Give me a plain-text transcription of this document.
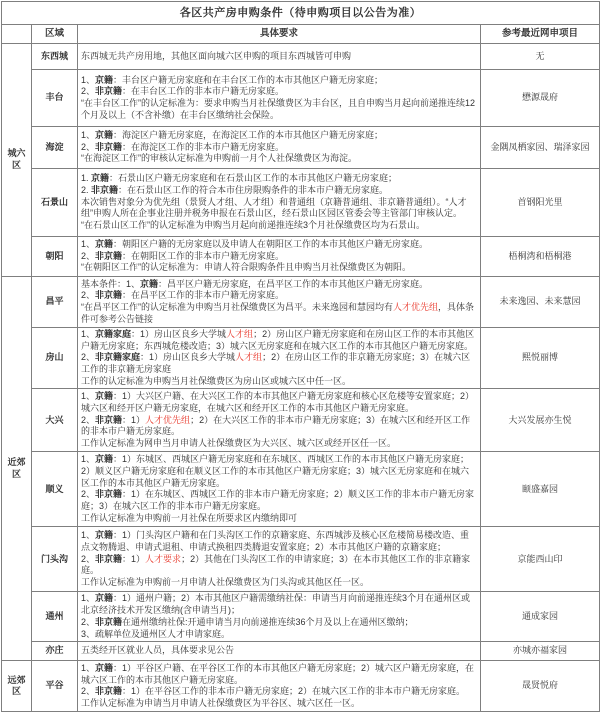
各区共产房申购条件（待申购项目以公告为准）			
	区域	具体要求	参考最近网申项目
城六区	东西城	东西城无共产房用地，其他区面向城六区申购的项目东西城皆可申购	无
	丰台	1、京籍：丰台区户籍无房家庭和在丰台区工作的本市其他区户籍无房家庭；
2、非京籍：在丰台区工作的非本市户籍无房家庭。
“在丰台区工作”的认定标准为：要求申购当月社保缴费区为丰台区，且自申购当月起向前递推连续12个月及以上（不含补缴）在丰台区缴纳社会保险。	懋源晟府
	海淀	1、京籍：海淀区户籍无房家庭，在海淀区工作的本市其他区户籍无房家庭；
2、非京籍：在海淀区工作的非本市户籍无房家庭。
“在海淀区工作”的审核认定标准为申购前一月个人社保缴费区为海淀。	金隅凤栖家园、瑞泽家园
	石景山	1. 京籍：石景山区户籍无房家庭和在石景山区工作的本市其他区户籍无房家庭；
2. 非京籍：在石景山区工作的符合本市住房限购条件的非本市户籍无房家庭。
本次销售对象分为优先组（景贤人才组、人才组）和普通组（京籍普通组、非京籍普通组）。“人才组”申购人所在企事业注册并税务申报在石景山区，经石景山区园区管委会等主管部门审核认定。
“在石景山区工作”的认定标准为申购当月起向前递推连续3个月社保缴费区均为石景山。	首钢阳光里
	朝阳	1、京籍：朝阳区户籍的无房家庭以及申请人在朝阳区工作的本市其他区户籍无房家庭。
2、非京籍：在朝阳区工作的非本市户籍无房家庭。
“在朝阳区工作”的认定标准为：申请人符合限购条件且申购当月社保缴费区为朝阳。	梧桐湾和梧桐港
近郊区	昌平	基本条件：1、京籍：昌平区户籍无房家庭，在昌平区工作的本市其他区户籍无房家庭。
2、非京籍：在昌平区工作的非本市户籍无房家庭。
“在昌平区工作”的认定标准为申购当月社保缴费区为昌平。未来逸园和慧园均有人才优先组，具体条件可参考公告链接	未来逸园、未来慧园
	房山	1、京籍家庭：1）房山区良乡大学城人才组；2）房山区户籍无房家庭和在房山区工作的本市其他区户籍无房家庭；东西城危楼改造；3）城六区无房家庭和在城六区工作的本市其他区户籍无房家庭。
2、非京籍家庭：1）房山区良乡大学城人才组；2）在房山区工作的非京籍无房家庭；3）在城六区工作的非京籍无房家庭
工作的认定标准为申购当月社保缴费区为房山区或城六区中任一区。	熙悦丽博
	大兴	1、京籍：1）大兴区户籍、在大兴区工作的本市其他区户籍无房家庭和核心区危楼等安置家庭；2）城六区和经开区户籍无房家庭，在城六区和经开区工作的本市其他区户籍无房家庭。
2、非京籍：1）人才优先组；2）在大兴区工作的非本市户籍无房家庭；3）在城六区和经开区工作的非本市户籍无房家庭。
工作认定标准为网申当月申请人社保缴费区为大兴区、城六区或经开区任一区。	大兴发展亦生悦
	顺义	1、京籍：1）东城区、西城区户籍无房家庭和在东城区、西城区工作的本市其他区户籍无房家庭；2）顺义区户籍无房家庭和在顺义区工作的本市其他区户籍无房家庭；3）城六区无房家庭和在城六区工作的本市其他区户籍无房家庭。
2、非京籍：1）在东城区、西城区工作的非本市户籍无房家庭；2）顺义区工作的非本市户籍无房家庭；3）在城六区工作的非本市户籍无房家庭。
工作认定标准为申购前一月社保在所要求区内缴纳即可	颐盛嘉园
	门头沟	1、京籍：1）门头沟区户籍和在门头沟区工作的京籍家庭、东西城涉及核心区危楼简易楼改造、重点文物腾退、申请式退租、申请式换租四类腾退安置家庭；2）本市其他区户籍的京籍家庭；
2、非京籍：1）人才要求；2）其他在门头沟区工作的申请家庭；3）在本市其他区工作的非京籍家庭。
工作认定标准为申购前一月申请人社保缴费区为门头沟或其他区任一区。	京能西山印
	通州	1、京籍：1）通州户籍；2）本市其他区户籍需缴纳社保：申请当月向前递推连续3个月在通州区或北京经济技术开发区缴纳(含申请当月)；
2、非京籍在通州缴纳社保:开通申请当月向前递推连续36个月及以上在通州区缴纳；
3、疏解单位及通州区人才申请家庭。	通成家园
	亦庄	五类经开区就业人员，具体要求见公告	亦城亦福家园
远郊区	平谷	1、京籍：1）平谷区户籍、在平谷区工作的本市其他区户籍无房家庭；2）城六区户籍无房家庭，在城六区工作的本市其他区户籍无房家庭。
2、非京籍：1）在平谷区工作的非本市户籍无房家庭；2）在城六区工作的非本市户籍无房家庭。
工作认定标准为申请当月申请人社保缴费区为平谷区、城六区任一区。	晟贤悦府
